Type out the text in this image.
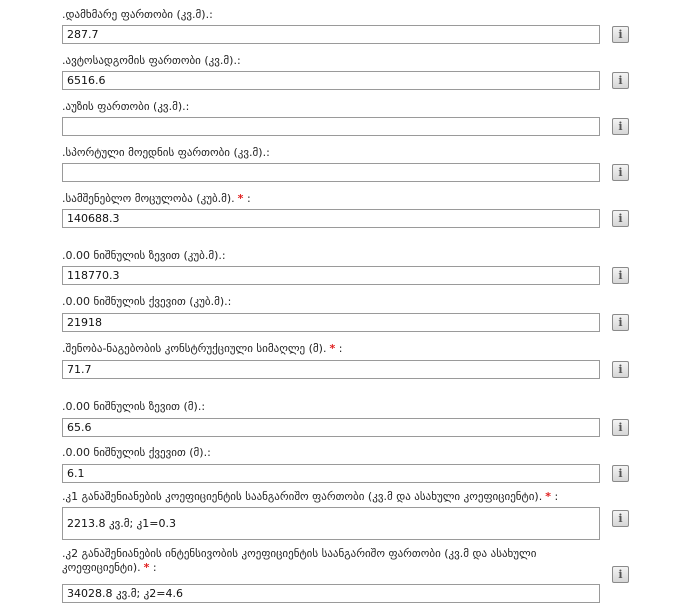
.დამხმარე ფართობი (კვ.მ).:
287.7	i
.ავტოსადგომის ფართობი (კვ.მ).:
6516.6	i
.აუზის ფართობი (კვ.მ).:
i
.სპორტული მოედნის ფართობი (კვ.მ).:
i
.სამშენებლო მოცულობა (კუბ.მ). * :
140688.3	i
.0.00 ნიშნულის ზევით (კუბ.მ).:
118770.3	i
.0.00 ნიშნულის ქვევით (კუბ.მ).:
21918	i
.შენობა-ნაგებობის კონსტრუქციული სიმაღლე (მ). * :
71.7	i
.0.00 ნიშნულის ზევით (მ).:
65.6	i
.0.00 ნიშნულის ქვევით (მ).:
6.1	i
.კ1 განაშენიანების კოეფიციენტის საანგარიშო ფართობი (კვ.მ და ასახული კოეფიციენტი). * :
2213.8 კვ.მ; კ1=0.3	i
.კ2 განაშენიანების ინტენსივობის კოეფიციენტის საანგარიშო ფართობი (კვ.მ და ასახული კოეფიციენტი). * :
34028.8 კვ.მ; კ2=4.6
i
